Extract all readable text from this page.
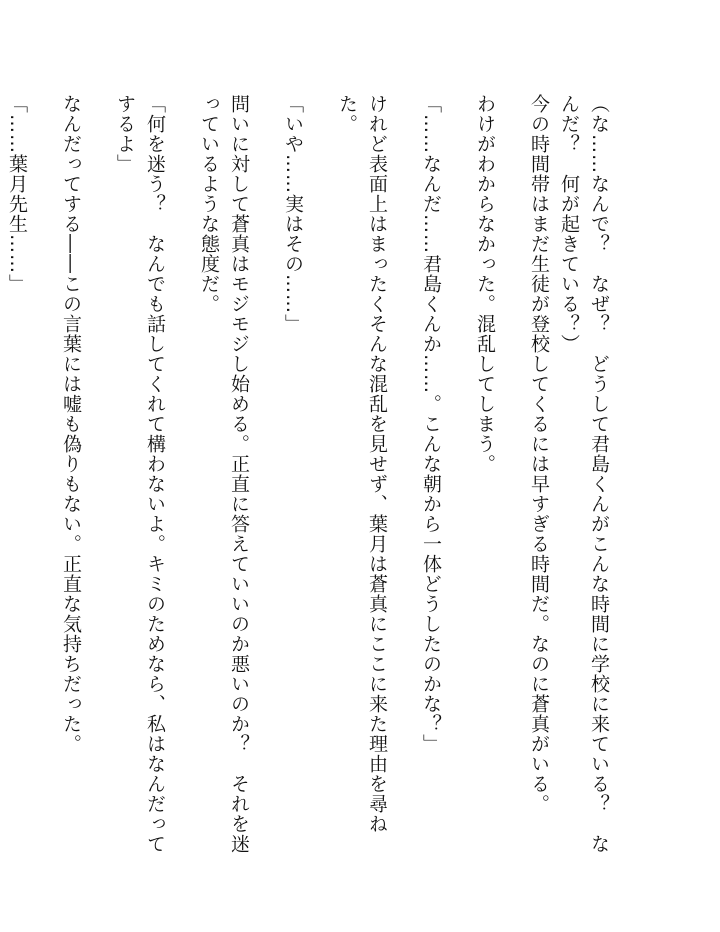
（な……なんで？　なぜ？　どうして君島くんがこんな時間に学校に来ている？　なんだ？　何が起きている？）

今の時間帯はまだ生徒が登校してくるには早すぎる時間だ。なのに蒼真がいる。

わけがわからなかった。混乱してしまう。

「……なんだ……君島くんか……。こんな朝から一体どうしたのかな？」

けれど表面上はまったくそんな混乱を見せず、葉月は蒼真にここに来た理由を尋ねた。

「いや……実はその……」

問いに対して蒼真はモジモジし始める。正直に答えていいのか悪いのか？　それを迷っているような態度だ。

「何を迷う？　なんでも話してくれて構わないよ。キミのためなら、私はなんだってするよ」

なんだってする――この言葉には嘘も偽りもない。正直な気持ちだった。

「……葉月先生……」
